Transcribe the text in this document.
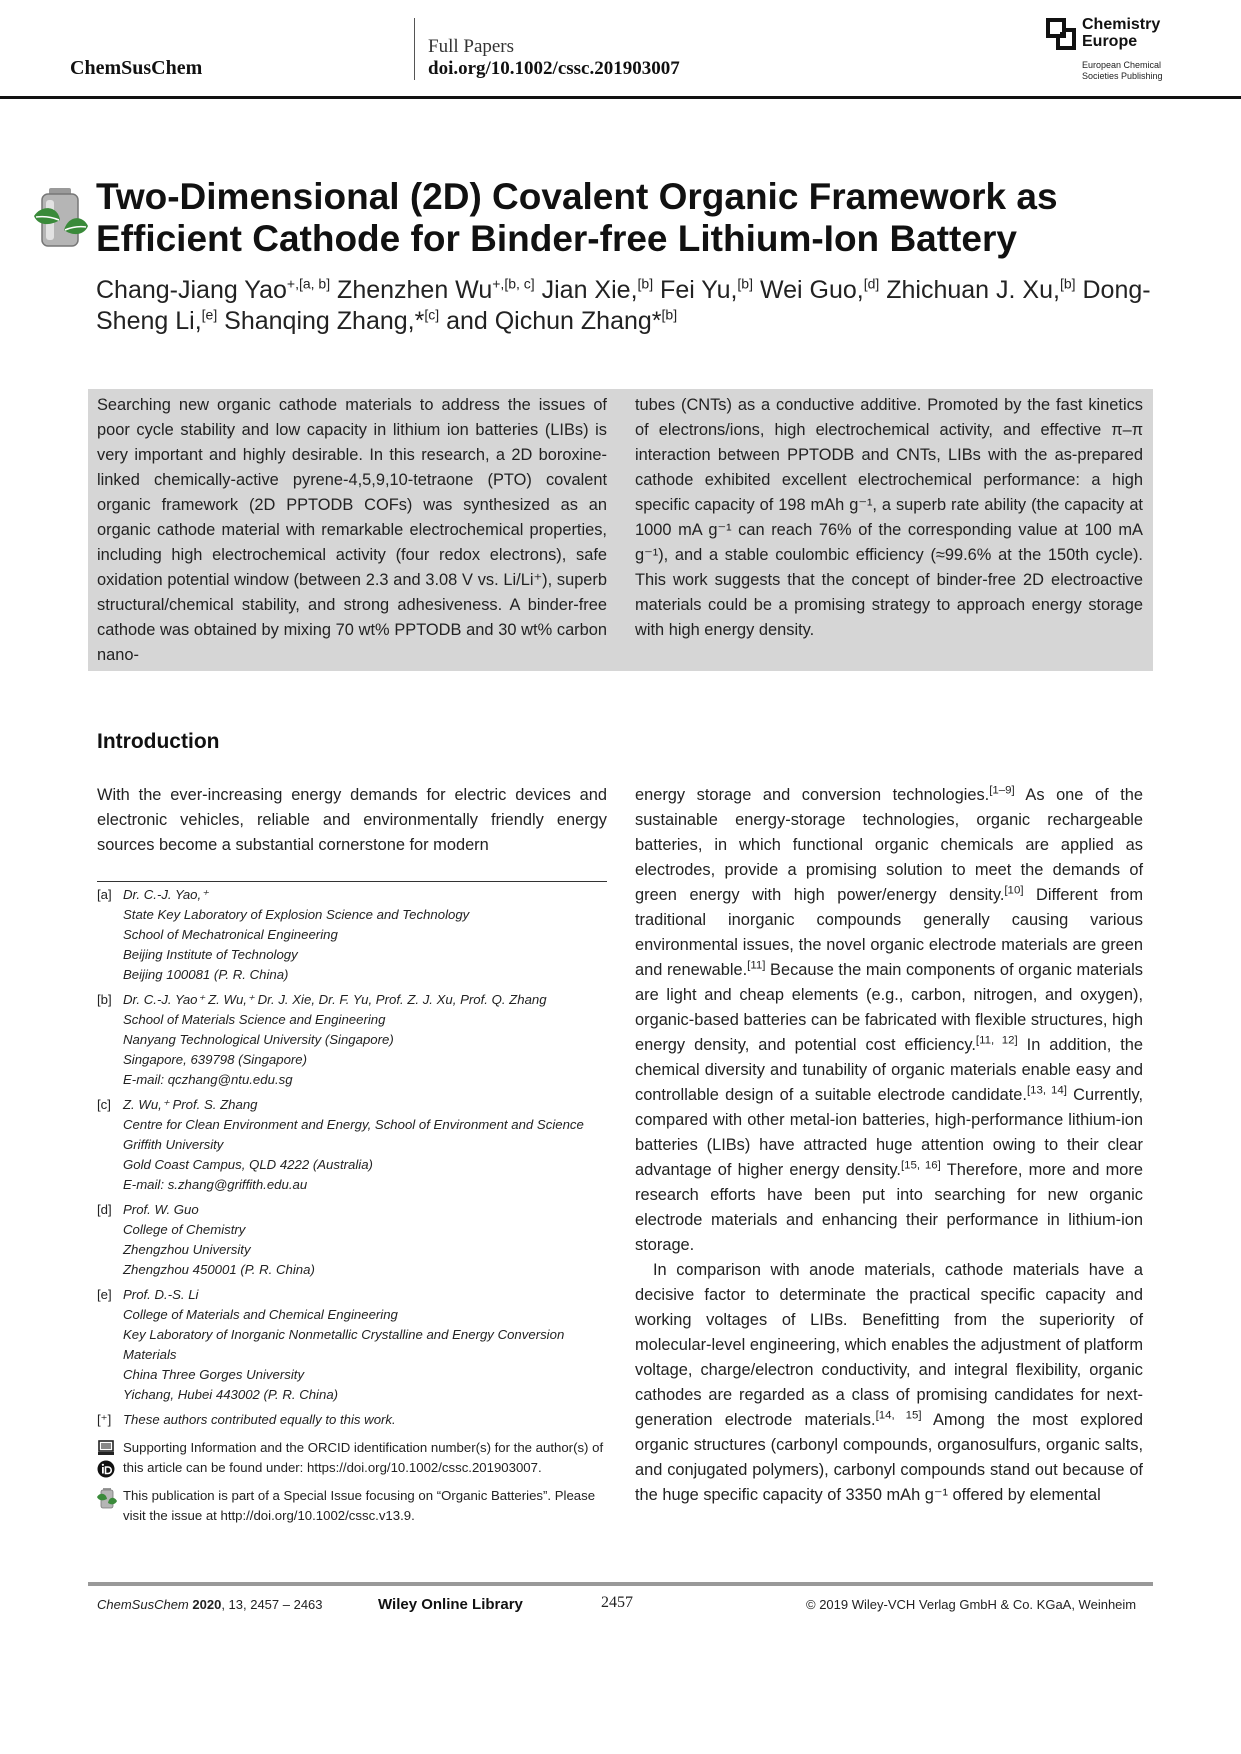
ChemSusChem
Full Papers
doi.org/10.1002/cssc.201903007
Chemistry
Europe
European Chemical
Societies Publishing
Two-Dimensional (2D) Covalent Organic Framework as Efficient Cathode for Binder-free Lithium-Ion Battery
Chang-Jiang Yao$^{+,[a, b]}$ Zhenzhen $Wu^{+,[b, c]}$ Jian Xie,[b] Fei Yu,[b] Wei Guo,[d] Zhichuan J. Xu,[b] Dong-Sheng Li,[e] Shanqing Zhang,*[c] and Qichun Zhang*[b]
Searching new organic cathode materials to address the issues of poor cycle stability and low capacity in lithium ion batteries (LIBs) is very important and highly desirable. In this research, a 2D boroxine-linked chemically-active pyrene-4,5,9,10-tetraone (PTO) covalent organic framework (2D PPTODB COFs) was synthesized as an organic cathode material with remarkable electrochemical properties, including high electrochemical activity (four redox electrons), safe oxidation potential window (between 2.3 and 3.08 V vs. Li/Li⁺), superb structural/chemical stability, and strong adhesiveness. A binder-free cathode was obtained by mixing 70 wt% PPTODB and 30 wt% carbon nano-
tubes (CNTs) as a conductive additive. Promoted by the fast kinetics of electrons/ions, high electrochemical activity, and effective π–π interaction between PPTODB and CNTs, LIBs with the as-prepared cathode exhibited excellent electrochemical performance: a high specific capacity of 198 mAh g⁻¹, a superb rate ability (the capacity at 1000 mA g⁻¹ can reach 76% of the corresponding value at 100 mA g⁻¹), and a stable coulombic efficiency (≈99.6% at the 150th cycle). This work suggests that the concept of binder-free 2D electroactive materials could be a promising strategy to approach energy storage with high energy density.
Introduction
With the ever-increasing energy demands for electric devices and electronic vehicles, reliable and environmentally friendly energy sources become a substantial cornerstone for modern
energy storage and conversion technologies.[1–9] As one of the sustainable energy-storage technologies, organic rechargeable batteries, in which functional organic chemicals are applied as electrodes, provide a promising solution to meet the demands of green energy with high power/energy density.[10] Different from traditional inorganic compounds generally causing various environmental issues, the novel organic electrode materials are green and renewable.[11] Because the main components of organic materials are light and cheap elements (e.g., carbon, nitrogen, and oxygen), organic-based batteries can be fabricated with flexible structures, high energy density, and potential cost efficiency.[11, 12] In addition, the chemical diversity and tunability of organic materials enable easy and controllable design of a suitable electrode candidate.[13, 14] Currently, compared with other metal-ion batteries, high-performance lithium-ion batteries (LIBs) have attracted huge attention owing to their clear advantage of higher energy density.[15, 16] Therefore, more and more research efforts have been put into searching for new organic electrode materials and enhancing their performance in lithium-ion storage.
In comparison with anode materials, cathode materials have a decisive factor to determinate the practical specific capacity and working voltages of LIBs. Benefitting from the superiority of molecular-level engineering, which enables the adjustment of platform voltage, charge/electron conductivity, and integral flexibility, organic cathodes are regarded as a class of promising candidates for next-generation electrode materials.[14, 15] Among the most explored organic structures (carbonyl compounds, organosulfurs, organic salts, and conjugated polymers), carbonyl compounds stand out because of the huge specific capacity of 3350 mAh g⁻¹ offered by elemental
[a] Dr. C.-J. Yao,⁺
State Key Laboratory of Explosion Science and Technology
School of Mechatronical Engineering
Beijing Institute of Technology
Beijing 100081 (P. R. China)
[b] Dr. C.-J. Yao⁺ Z. Wu,⁺ Dr. J. Xie, Dr. F. Yu, Prof. Z. J. Xu, Prof. Q. Zhang
School of Materials Science and Engineering
Nanyang Technological University (Singapore)
Singapore, 639798 (Singapore)
E-mail: qczhang@ntu.edu.sg
[c] Z. Wu,⁺ Prof. S. Zhang
Centre for Clean Environment and Energy, School of Environment and Science
Griffith University
Gold Coast Campus, QLD 4222 (Australia)
E-mail: s.zhang@griffith.edu.au
[d] Prof. W. Guo
College of Chemistry
Zhengzhou University
Zhengzhou 450001 (P. R. China)
[e] Prof. D.-S. Li
College of Materials and Chemical Engineering
Key Laboratory of Inorganic Nonmetallic Crystalline and Energy Conversion Materials
China Three Gorges University
Yichang, Hubei 443002 (P. R. China)
[⁺] These authors contributed equally to this work.
Supporting Information and the ORCID identification number(s) for the author(s) of this article can be found under: https://doi.org/10.1002/cssc.201903007.
This publication is part of a Special Issue focusing on “Organic Batteries”. Please visit the issue at http://doi.org/10.1002/cssc.v13.9.
ChemSusChem 2020, 13, 2457 – 2463	Wiley Online Library	2457	© 2019 Wiley-VCH Verlag GmbH & Co. KGaA, Weinheim
